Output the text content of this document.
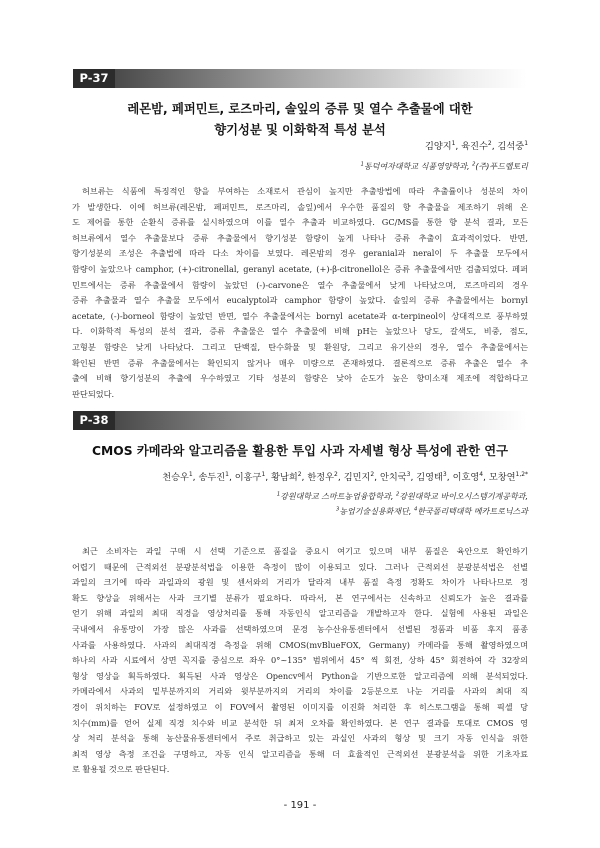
P-37
레몬밤, 페퍼민트, 로즈마리, 솔잎의 증류 및 열수 추출물에 대한
향기성분 및 이화학적 특성 분석
김양지$^1$, 육진수$^2$, 김석중$^1$
$^1$동덕여자대학교 식품영양학과, $^2$(주)푸드랩토리
허브류는 식품에 특징적인 향을 부여하는 소재로서 관심이 높지만 추출방법에 따라 추출률이나 성분의 차이
가 발생한다. 이에 허브류(레몬밤, 페퍼민트, 로즈마리, 솔잎)에서 우수한 품질의 향 추출물을 제조하기 위해 온
도 제어를 통한 순환식 증류를 실시하였으며 이를 열수 추출과 비교하였다. GC/MS를 통한 향 분석 결과, 모든
허브류에서 열수 추출물보다 증류 추출물에서 향기성분 함량이 높게 나타나 증류 추출이 효과적이었다. 반면,
향기성분의 조성은 추출법에 따라 다소 차이를 보였다. 레몬밤의 경우 geranial과 neral이 두 추출물 모두에서
함량이 높았으나 camphor, (+)-citronellal, geranyl acetate, (+)-β-citronellol은 증류 추출물에서만 검출되었다. 페퍼
민트에서는 증류 추출물에서 함량이 높았던 (-)-carvone은 열수 추출물에서 낮게 나타났으며, 로즈마리의 경우
증류 추출물과 열수 추출물 모두에서 eucalyptol과 camphor 함량이 높았다. 솔잎의 증류 추출물에서는 bornyl
acetate, (-)-borneol 함량이 높았던 반면, 열수 추출물에서는 bornyl acetate과 α-terpineol이 상대적으로 풍부하였
다. 이화학적 특성의 분석 결과, 증류 추출물은 열수 추출물에 비해 pH는 높았으나 당도, 갈색도, 비중, 점도,
고형분 함량은 낮게 나타났다. 그리고 단백질, 탄수화물 및 환원당, 그리고 유기산의 경우, 열수 추출물에서는
확인된 반면 증류 추출물에서는 확인되지 않거나 매우 미량으로 존재하였다. 결론적으로 증류 추출은 열수 추
출에 비해 향기성분의 추출에 우수하였고 기타 성분의 함량은 낮아 순도가 높은 향미소재 제조에 적합하다고
판단되었다.
P-38
CMOS 카메라와 알고리즘을 활용한 투입 사과 자세별 형상 특성에 관한 연구
천승우$^1$, 송두진$^1$, 이홍구$^1$, 황남희$^2$, 한정우$^2$, 김민지$^2$, 안치국$^3$, 김영태$^3$, 이호영$^4$, 모창연$^{1,2*}$
$^1$강원대학교 스마트농업융합학과, $^2$강원대학교 바이오시스템기계공학과,
$^3$농업기술실용화재단, $^4$한국폴리텍대학 메카트로닉스과
최근 소비자는 과일 구매 시 선택 기준으로 품질을 중요시 여기고 있으며 내부 품질은 육안으로 확인하기
어렵기 때문에 근적외선 분광분석법을 이용한 측정이 많이 이용되고 있다. 그러나 근적외선 분광분석법은 선별
과일의 크기에 따라 과일과의 광원 및 센서와의 거리가 달라져 내부 품질 측정 정확도 차이가 나타나므로 정
확도 향상을 위해서는 사과 크기별 분류가 필요하다. 따라서, 본 연구에서는 신속하고 신뢰도가 높은 결과를
얻기 위해 과일의 최대 직경을 영상처리를 통해 자동인식 알고리즘을 개발하고자 한다. 실험에 사용된 과일은
국내에서 유통망이 가장 많은 사과를 선택하였으며 문경 농수산유통센터에서 선별된 정품과 비품 후지 품종
사과를 사용하였다. 사과의 최대직경 측정을 위해 CMOS(mvBlueFOX, Germany) 카메라를 통해 촬영하였으며
하나의 사과 시료에서 상면 꼭지를 중심으로 좌우 0°~135° 범위에서 45° 씩 회전, 상하 45° 회전하여 각 32장의
형상 영상을 획득하였다. 획득된 사과 영상은 Opencv에서 Python을 기반으로한 알고리즘에 의해 분석되었다.
카메라에서 사과의 밑부분까지의 거리와 윗부분까지의 거리의 차이를 2등분으로 나눈 거리를 사과의 최대 직
경이 위치하는 FOV로 설정하였고 이 FOV에서 촬영된 이미지를 이진화 처리한 후 히스토그램을 통해 픽셀 당
치수(mm)를 얻어 실제 직경 치수와 비교 분석한 뒤 최저 오차를 확인하였다. 본 연구 결과를 토대로 CMOS 영
상 처리 분석을 통해 농산물유통센터에서 주로 취급하고 있는 과실인 사과의 형상 및 크기 자동 인식을 위한
최적 영상 측정 조건을 구명하고, 자동 인식 알고리즘을 통해 더 효율적인 근적외선 분광분석을 위한 기초자료
로 활용될 것으로 판단된다.
- 191 -
